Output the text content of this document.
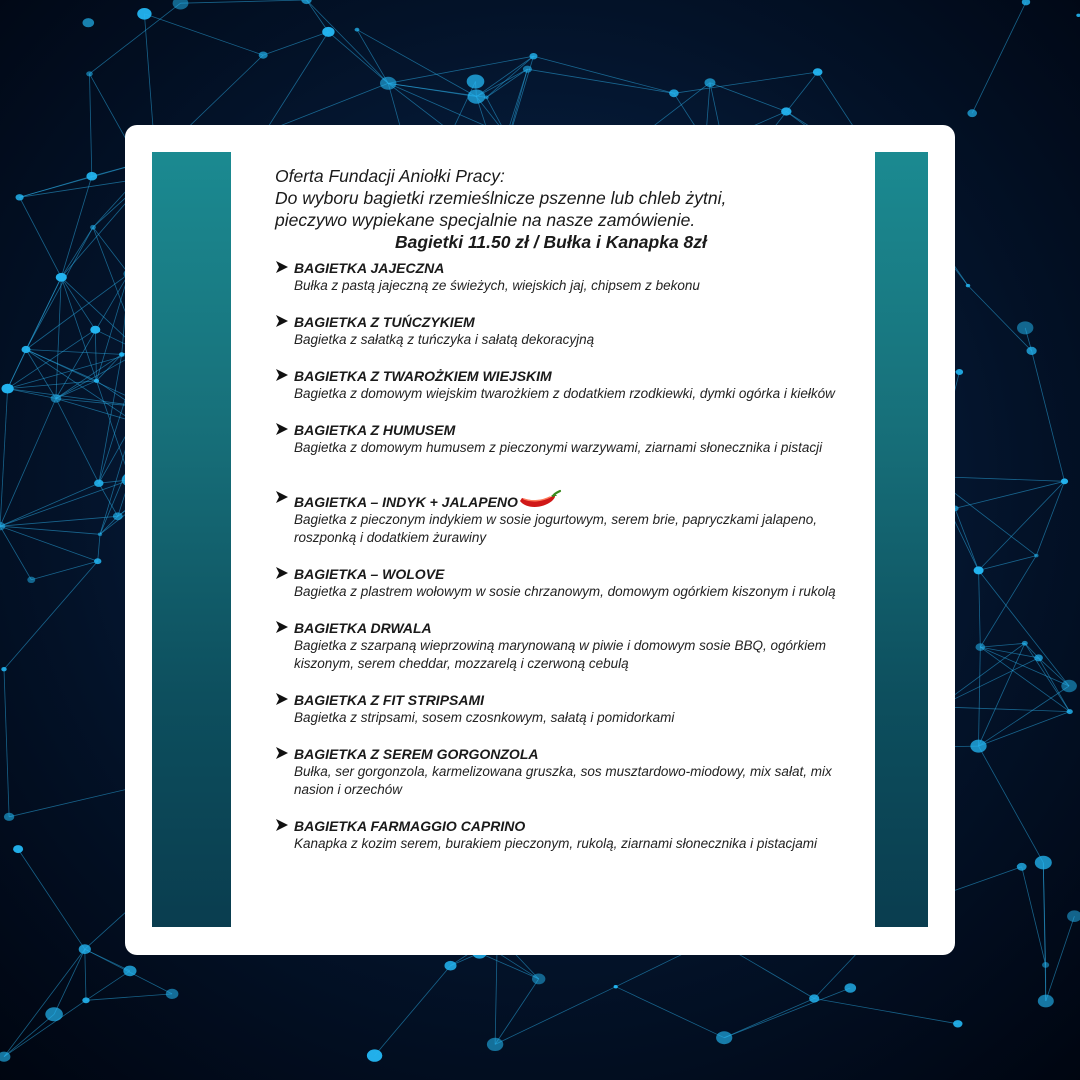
Oferta Fundacji Aniołki Pracy:
Do wyboru bagietki rzemieślnicze pszenne lub chleb żytni,
pieczywo wypiekane specjalnie na nasze zamówienie.
Bagietki 11.50 zł / Bułka i Kanapka 8zł
BAGIETKA JAJECZNA
Bułka z pastą jajeczną ze świeżych, wiejskich jaj, chipsem z bekonu
BAGIETKA Z TUŃCZYKIEM
Bagietka z sałatką z tuńczyka i sałatą dekoracyjną
BAGIETKA Z TWAROŻKIEM WIEJSKIM
Bagietka z domowym wiejskim twarożkiem z dodatkiem rzodkiewki, dymki ogórka i kiełków
BAGIETKA Z HUMUSEM
Bagietka z domowym humusem z pieczonymi warzywami, ziarnami słonecznika i pistacji
BAGIETKA – INDYK + JALAPENO
Bagietka z pieczonym indykiem w sosie jogurtowym, serem brie, papryczkami jalapeno, roszponką i dodatkiem żurawiny
BAGIETKA – WOLOVE
Bagietka z plastrem wołowym w sosie chrzanowym, domowym ogórkiem kiszonym i rukolą
BAGIETKA DRWALA
Bagietka z szarpaną wieprzowiną marynowaną w piwie i domowym sosie BBQ, ogórkiem kiszonym, serem cheddar, mozzarelą i czerwoną cebulą
BAGIETKA Z FIT STRIPSAMI
Bagietka z stripsami, sosem czosnkowym, sałatą i pomidorkami
BAGIETKA Z SEREM GORGONZOLA
Bułka, ser gorgonzola, karmelizowana gruszka, sos musztardowo-miodowy, mix sałat, mix nasion i orzechów
BAGIETKA FARMAGGIO CAPRINO
Kanapka z kozim serem, burakiem pieczonym, rukolą, ziarnami słonecznika i pistacjami
